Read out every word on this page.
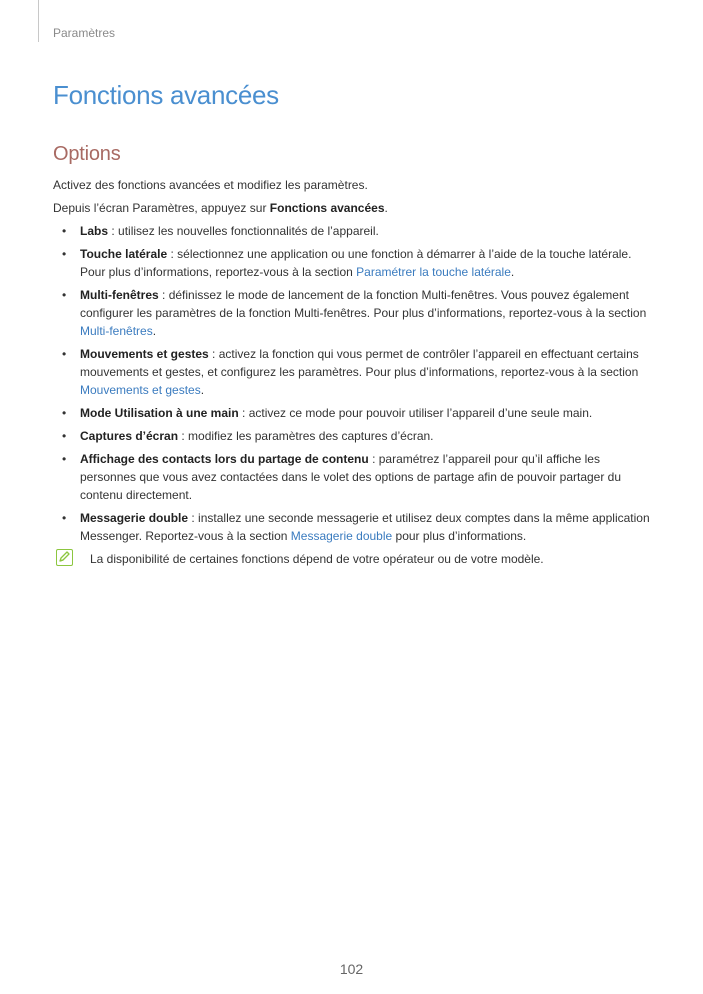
Paramètres
Fonctions avancées
Options

Activez des fonctions avancées et modifiez les paramètres.

Depuis l’écran Paramètres, appuyez sur Fonctions avancées.

• Labs : utilisez les nouvelles fonctionnalités de l’appareil.
• Touche latérale : sélectionnez une application ou une fonction à démarrer à l’aide de la touche latérale. Pour plus d’informations, reportez-vous à la section Paramétrer la touche latérale.
• Multi-fenêtres : définissez le mode de lancement de la fonction Multi-fenêtres. Vous pouvez également configurer les paramètres de la fonction Multi-fenêtres. Pour plus d’informations, reportez-vous à la section Multi-fenêtres.
• Mouvements et gestes : activez la fonction qui vous permet de contrôler l’appareil en effectuant certains mouvements et gestes, et configurez les paramètres. Pour plus d’informations, reportez-vous à la section Mouvements et gestes.
• Mode Utilisation à une main : activez ce mode pour pouvoir utiliser l’appareil d’une seule main.
• Captures d’écran : modifiez les paramètres des captures d’écran.
• Affichage des contacts lors du partage de contenu : paramétrez l’appareil pour qu’il affiche les personnes que vous avez contactées dans le volet des options de partage afin de pouvoir partager du contenu directement.
• Messagerie double : installez une seconde messagerie et utilisez deux comptes dans la même application Messenger. Reportez-vous à la section Messagerie double pour plus d’informations.
La disponibilité de certaines fonctions dépend de votre opérateur ou de votre modèle.
102
